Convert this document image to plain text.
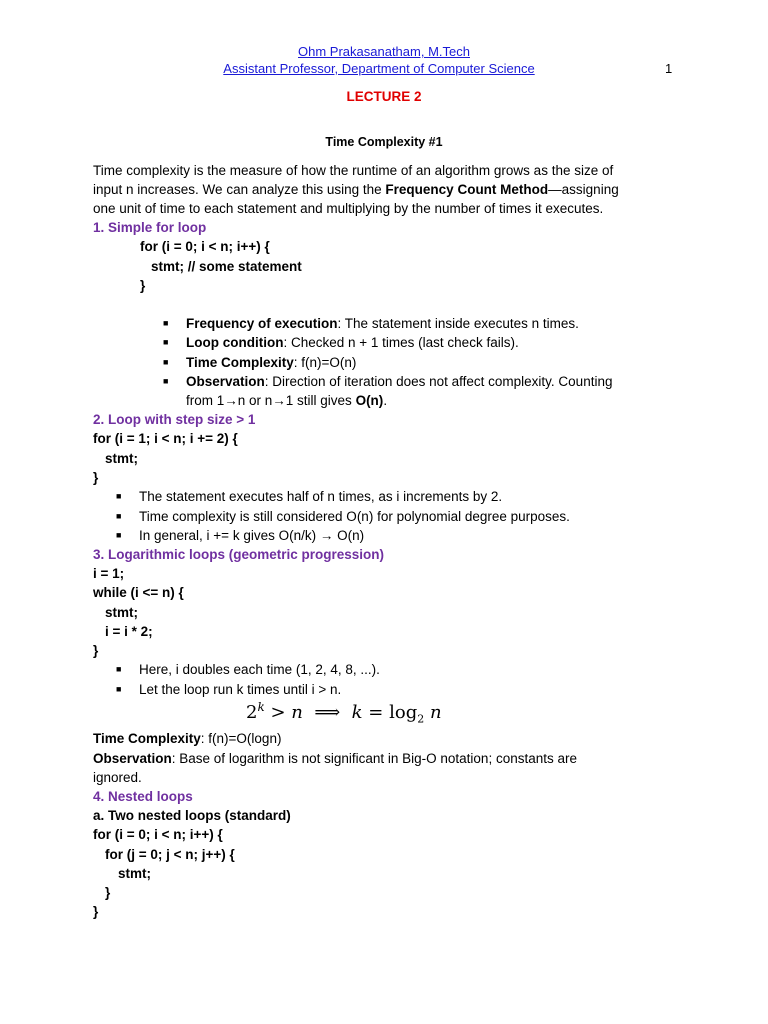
Ohm Prakasanatham, M.Tech
Assistant Professor, Department of Computer Science	1
LECTURE 2
Time Complexity #1
Time complexity is the measure of how the runtime of an algorithm grows as the size of
input n increases. We can analyze this using the Frequency Count Method—assigning
one unit of time to each statement and multiplying by the number of times it executes.
1. Simple for loop
for (i = 0; i < n; i++) {
stmt; // some statement
}
■ Frequency of execution: The statement inside executes n times.
■ Loop condition: Checked n + 1 times (last check fails).
■ Time Complexity: f(n)=O(n)
■ Observation: Direction of iteration does not affect complexity. Counting
from 1→n or n→1 still gives O(n).
2. Loop with step size > 1
for (i = 1; i < n; i += 2) {
stmt;
}
■ The statement executes half of n times, as i increments by 2.
■ Time complexity is still considered O(n) for polynomial degree purposes.
■ In general, i += k gives O(n/k) → O(n)
3. Logarithmic loops (geometric progression)
i = 1;
while (i <= n) {
stmt;
i = i * 2;
}
■ Here, i doubles each time (1, 2, 4, 8, ...).
■ Let the loop run k times until i > n.
$2^k > n$ ⟹ $k = \log_2 n$
Time Complexity: f(n)=O(logn)
Observation: Base of logarithm is not significant in Big-O notation; constants are
ignored.
4. Nested loops
a. Two nested loops (standard)
for (i = 0; i < n; i++) {
for (j = 0; j < n; j++) {
stmt;
}
}
